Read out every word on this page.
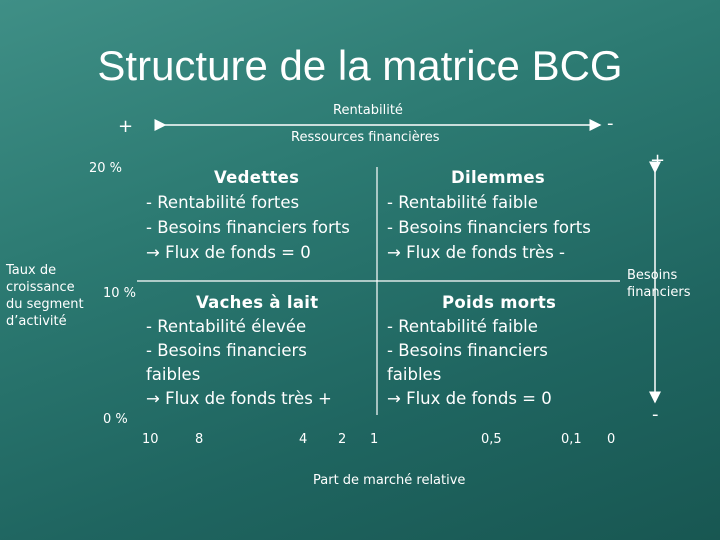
Structure de la matrice BCG
Rentabilité
Ressources financières
+	-
+
Besoins
financiers
-
Taux de
croissance
du segment
d’activité
20 %
10 %
0 %
10	8	4 2 1	0,5	0,1 0
Part de marché relative
Vedettes
- Rentabilité fortes
- Besoins financiers forts
→ Flux de fonds = 0
Dilemmes
- Rentabilité faible
- Besoins financiers forts
→ Flux de fonds très -
Vaches à lait
- Rentabilité élevée
- Besoins financiers
faibles
→ Flux de fonds très +
Poids morts
- Rentabilité faible
- Besoins financiers
faibles
→ Flux de fonds = 0
